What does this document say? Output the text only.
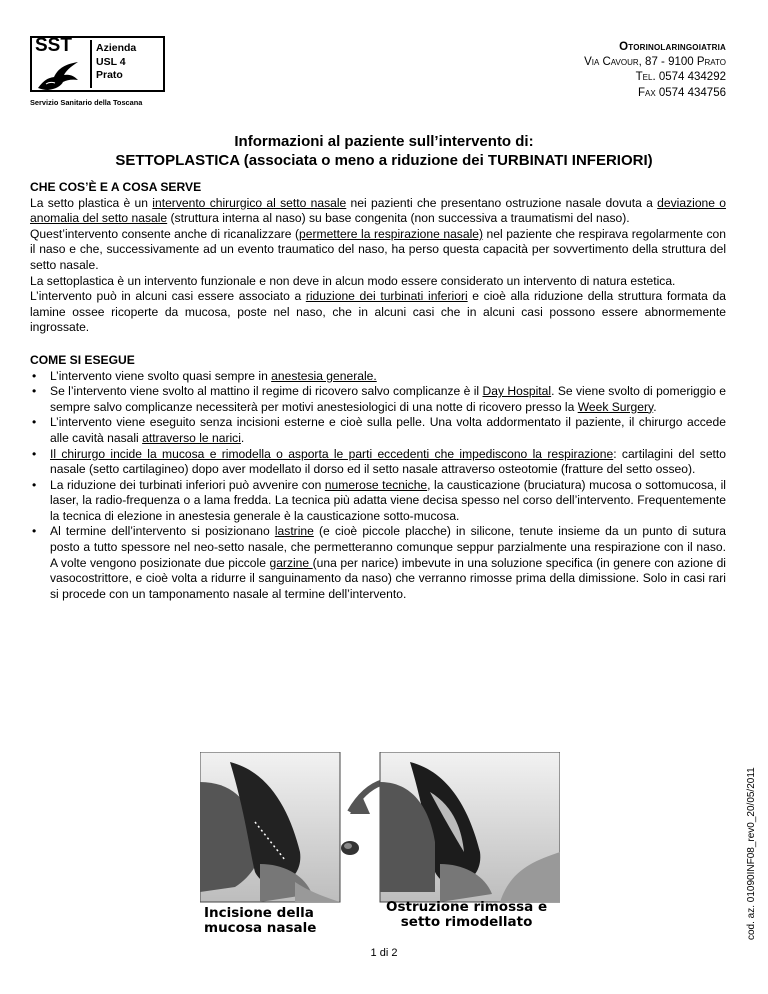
SST Azienda
USL 4
Prato
Servizio Sanitario della Toscana
Otorinolaringoiatria
Via Cavour, 87 - 9100 Prato
Tel. 0574 434292
Fax 0574 434756
Informazioni al paziente sull’intervento di:
SETTOPLASTICA (associata o meno a riduzione dei TURBINATI INFERIORI)
CHE COS’È E A COSA SERVE

La setto plastica è un intervento chirurgico al setto nasale nei pazienti che presentano ostruzione nasale dovuta a deviazione o anomalia del setto nasale (struttura interna al naso) su base congenita (non successiva a traumatismi del naso).

Quest’intervento consente anche di ricanalizzare (permettere la respirazione nasale) nel paziente che respirava regolarmente con il naso e che, successivamente ad un evento traumatico del naso, ha perso questa capacità per sovvertimento della struttura del setto nasale.

La settoplastica è un intervento funzionale e non deve in alcun modo essere considerato un intervento di natura estetica.

L’intervento può in alcuni casi essere associato a riduzione dei turbinati inferiori e cioè alla riduzione della struttura formata da lamine ossee ricoperte da mucosa, poste nel naso, che in alcuni casi che in alcuni casi possono essere abnormemente ingrossate.

COME SI ESEGUE
• L’intervento viene svolto quasi sempre in anestesia generale.
• Se l’intervento viene svolto al mattino il regime di ricovero salvo complicanze è il Day Hospital. Se viene svolto di pomeriggio e sempre salvo complicanze necessiterà per motivi anestesiologici di una notte di ricovero presso la Week Surgery.
• L’intervento viene eseguito senza incisioni esterne e cioè sulla pelle. Una volta addormentato il paziente, il chirurgo accede alle cavità nasali attraverso le narici.
• Il chirurgo incide la mucosa e rimodella o asporta le parti eccedenti che impediscono la respirazione: cartilagini del setto nasale (setto cartilagineo) dopo aver modellato il dorso ed il setto nasale attraverso osteotomie (fratture del setto osseo).
• La riduzione dei turbinati inferiori può avvenire con numerose tecniche, la causticazione (bruciatura) mucosa o sottomucosa, il laser, la radio-frequenza o a lama fredda. La tecnica più adatta viene decisa spesso nel corso dell’intervento. Frequentemente la tecnica di elezione in anestesia generale è la causticazione sotto-mucosa.
• Al termine dell’intervento si posizionano lastrine (e cioè piccole placche) in silicone, tenute insieme da un punto di sutura posto a tutto spessore nel neo-setto nasale, che permetteranno comunque seppur parzialmente una respirazione con il naso. A volte vengono posizionate due piccole garzine (una per narice) imbevute in una soluzione specifica (in genere con azione di vasocostrittore, e cioè volta a ridurre il sanguinamento da naso) che verranno rimosse prima della dimissione. Solo in casi rari si procede con un tamponamento nasale al termine dell’intervento.
Incisione della
mucosa nasale
Ostruzione rimossa e
setto rimodellato
1 di 2
cod. az. 01090INF08_rev0_20/05/2011
